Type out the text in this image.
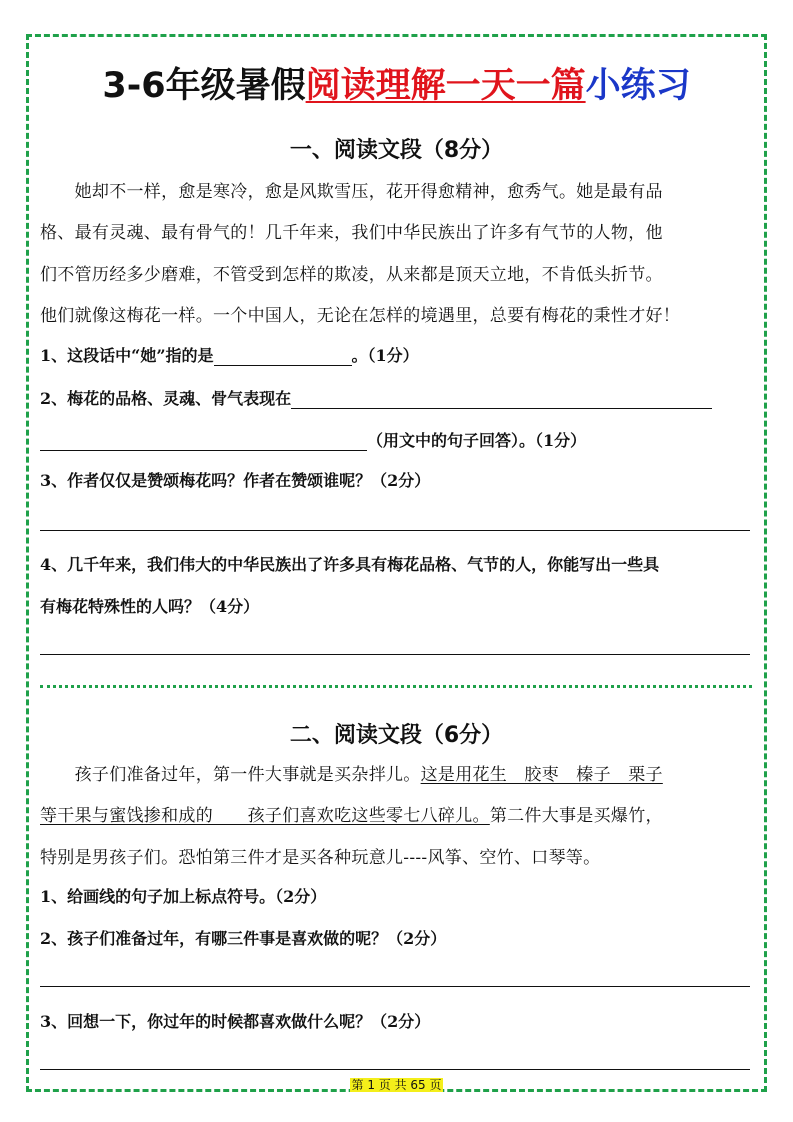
3-6年级暑假阅读理解一天一篇小练习
一、阅读文段（8分）
　　她却不一样，愈是寒冷，愈是风欺雪压，花开得愈精神，愈秀气。她是最有品
格、最有灵魂、最有骨气的！几千年来，我们中华民族出了许多有气节的人物，他
们不管历经多少磨难，不管受到怎样的欺凌，从来都是顶天立地，不肯低头折节。
他们就像这梅花一样。一个中国人，无论在怎样的境遇里，总要有梅花的秉性才好！
1、这段话中“她”指的是	。（1分）
2、梅花的品格、灵魂、骨气表现在
（用文中的句子回答）。（1分）
3、作者仅仅是赞颂梅花吗？作者在赞颂谁呢？（2分）
4、几千年来，我们伟大的中华民族出了许多具有梅花品格、气节的人，你能写出一些具
有梅花特殊性的人吗？（4分）
二、阅读文段（6分）
　　孩子们准备过年，第一件大事就是买杂拌儿。这是用花生　胶枣　榛子　栗子
等干果与蜜饯掺和成的　　孩子们喜欢吃这些零七八碎儿。第二件大事是买爆竹，
特别是男孩子们。恐怕第三件才是买各种玩意儿----风筝、空竹、口琴等。
1、给画线的句子加上标点符号。（2分）
2、孩子们准备过年，有哪三件事是喜欢做的呢？（2分）
3、回想一下，你过年的时候都喜欢做什么呢？（2分）
第 1 页 共 65 页
